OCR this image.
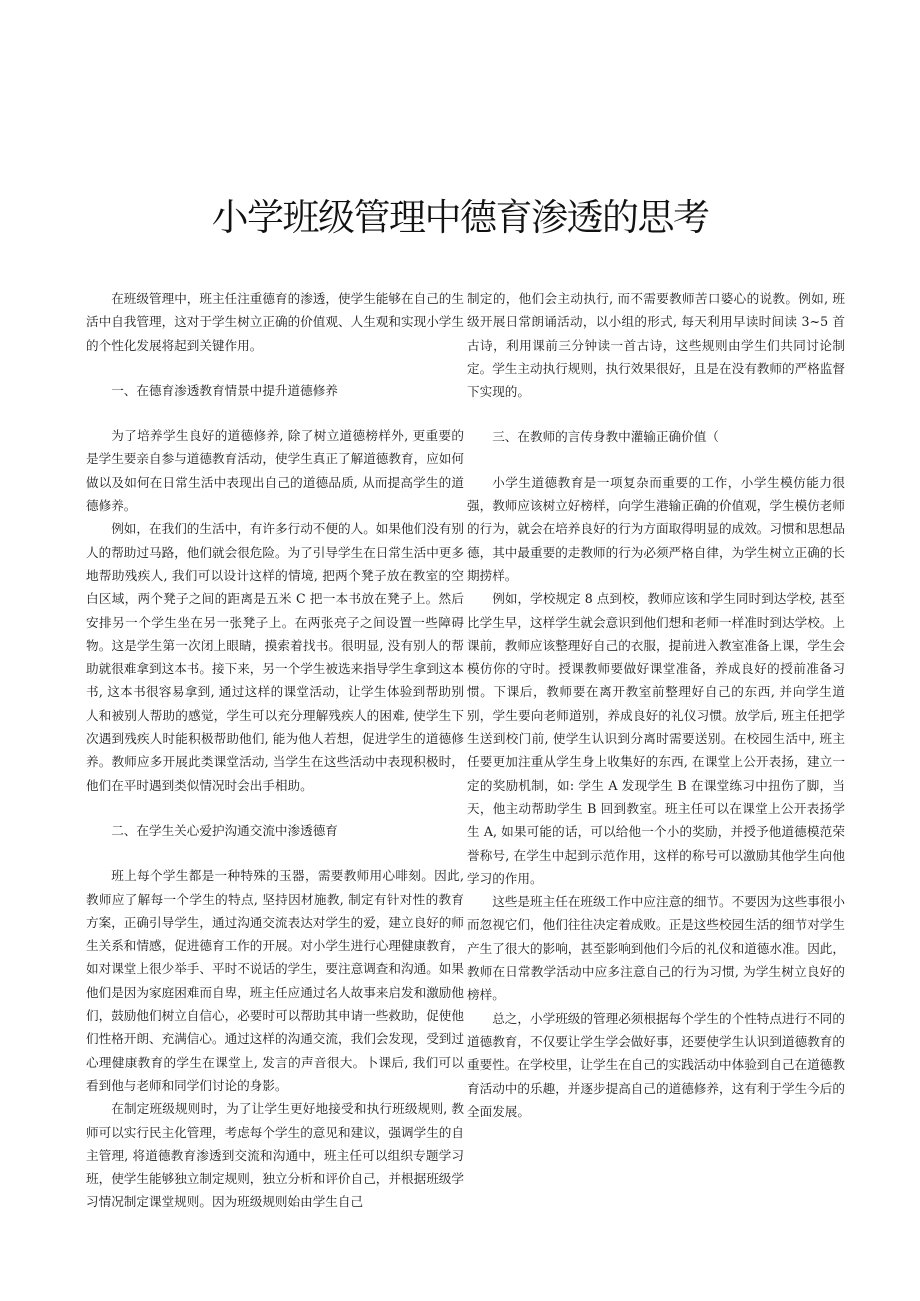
小学班级管理中德育渗透的思考

在班级管理中，班主任注重德育的渗透，使学生能够在自己的生活中自我管理，这对于学生树立正确的价值观、人生观和实现小学生的个性化发展将起到关键作用。

一、在德育渗透教育情景中提升道德修养

为了培养学生良好的道德修养, 除了树立道德榜样外, 更重要的是学生要亲自参与道德教育活动，使学生真正了解道德教育，应如何做以及如何在日常生活中表现出自己的道德品质, 从而提高学生的道德修养。

例如，在我们的生活中，有许多行动不便的人。如果他们没有别人的帮助过马路，他们就会很危险。为了引导学生在日常生活中更多地帮助残疾人, 我们可以设计这样的情境, 把两个凳子放在教室的空白区域，两个凳子之间的距离是五米 C 把一本书放在凳子上。然后安排另一个学生坐在另一张凳子上。在两张亮子之间设置一些障碍物。这是学生第一次闭上眼睛，摸索着找书。很明显, 没有别人的帮助就很难拿到这本书。接下来，另一个学生被选来指导学生拿到这本书, 这本书很容易拿到, 通过这样的课堂活动，让学生体验到帮助别人和被别人帮助的感觉，学生可以充分理解残疾人的困难, 使学生下次遇到残疾人时能积极帮助他们, 能为他人若想，促进学生的道德修养。教师应多开展此类课堂活动, 当学生在这些活动中表现积极时，他们在平时遇到类似情况时会出手相助。

二、在学生关心爱护沟通交流中渗透德育

班上每个学生都是一种特殊的玉器，需要教师用心啡刻。因此, 教师应了解每一个学生的特点, 坚持因材施教, 制定有针对性的教育方案，正确引导学生，通过沟通交流表达对学生的爱，建立良好的师生关系和情感，促进德育工作的开展。对小学生进行心理健康教育，如对课堂上很少举手、平时不说话的学生，要注意调查和沟通。如果他们是因为家庭困难而自卑，班主任应通过名人故事来启发和激励他们，鼓励他们树立自信心，必要时可以帮助其申请一些救助，促使他们性格开朗、充满信心。通过这样的沟通交流，我们会发现，受到过心理健康教育的学生在课堂上, 发言的声音很大。卜课后, 我们可以看到他与老师和同学们讨论的身影。

在制定班级规则时，为了让学生更好地接受和执行班级规则, 教师可以实行民主化管理，考虑每个学生的意见和建议，强调学生的自主管理, 将道德教育渗透到交流和沟通中，班主任可以组织专题学习班，使学生能够独立制定规则，独立分析和评价自己，并根据班级学习情况制定课堂规则。因为班级规则始由学生自己

制定的，他们会主动执行, 而不需要教师苦口婆心的说教。例如, 班级开展日常朗诵活动，以小组的形式, 每天利用早读时间读 3~5 首古诗，利用课前三分钟读一首古诗，这些规则由学生们共同讨论制定。学生主动执行规则，执行效果很好，且是在没有教师的严格监督下实现的。

三、在教师的言传身教中灌输正确价值（

小学生道德教育是一项复杂而重要的工作，小学生模仿能力很强，教师应该树立好榜样，向学生港输正确的价值观，学生模仿老师的行为，就会在培养良好的行为方面取得明显的成效。习惯和思想品德，其中最重要的走教师的行为必须严格自律，为学生树立正确的长期捞样。

例如，学校规定 8 点到校，教师应该和学生同时到达学校, 甚至比学生早，这样学生就会意识到他们想和老师一样准时到达学校。上课前，教师应该整理好自己的衣服，提前进入教室准备上课，学生会模仿你的守时。授课教师要做好课堂准备，养成良好的授前准备习惯。下课后，教师要在离开教室前整理好自己的东西, 并向学生道别，学生要向老师道别，养成良好的礼仪习惯。放学后, 班主任把学生送到校门前, 使学生认识到分离时需要送别。在校园生活中, 班主任要更加注重从学生身上收集好的东西, 在课堂上公开表扬，建立一定的奖励机制，如: 学生 A 发现学生 B 在课堂练习中扭伤了脚，当天，他主动帮助学生 B 回到教室。班主任可以在课堂上公开表扬学生 A, 如果可能的话，可以给他一个小的奖励，并授予他道德模范荣誉称号, 在学生中起到示范作用，这样的称号可以激励其他学生向他学习的作用。

这些是班主任在班级工作中应注意的细节。不要因为这些事很小而忽视它们，他们往往决定着成败。正是这些校园生活的细节对学生产生了很大的影响，甚至影响到他们今后的礼仪和道德水准。因此，教师在日常教学活动中应多注意自己的行为习惯, 为学生树立良好的榜样。

总之，小学班级的管理必须根据每个学生的个性特点进行不同的道德教育，不仅要让学生学会做好事，还要使学生认识到道德教育的重要性。在学校里，让学生在自己的实践活动中体验到自己在道德教育活动中的乐趣，并逐步提高自己的道德修养，这有利于学生今后的全面发展。
